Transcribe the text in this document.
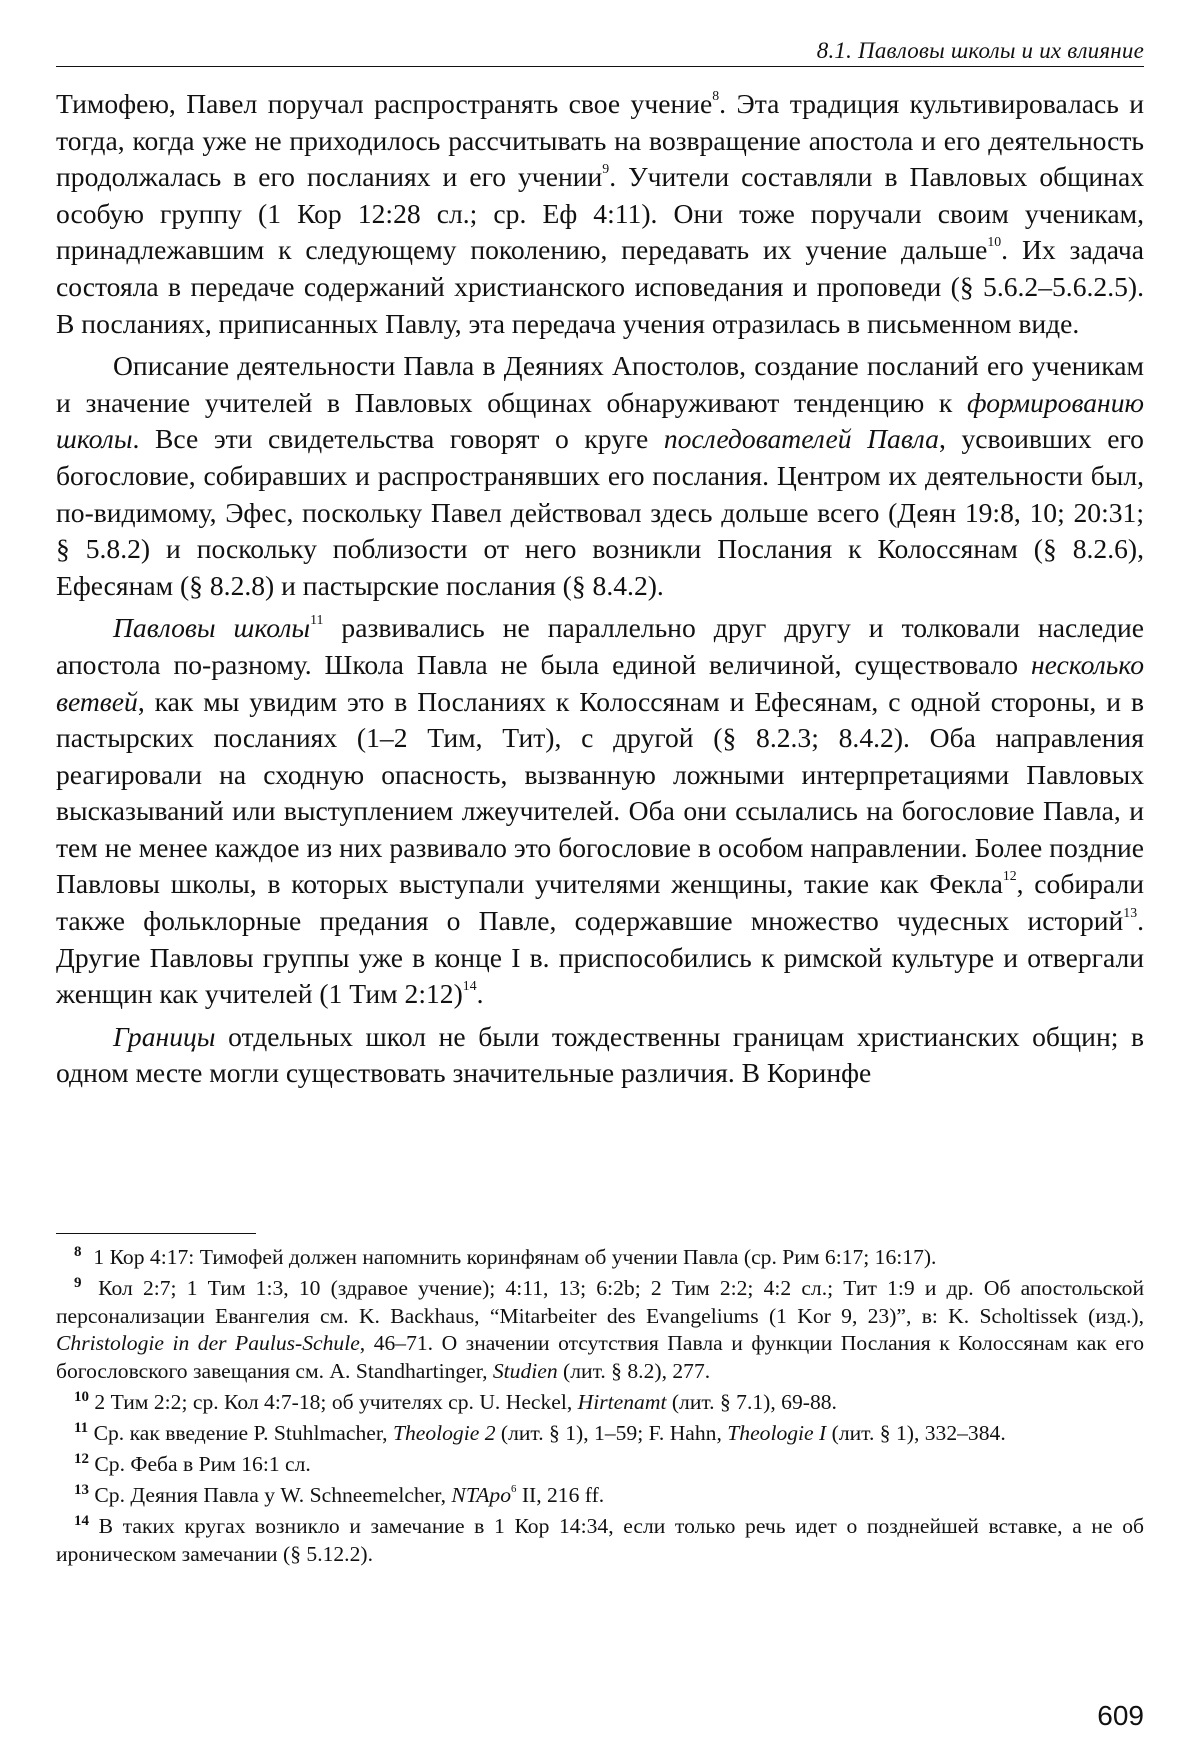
8.1. Павловы школы и их влияние

Тимофею, Павел поручал распространять свое учение$^8$. Эта традиция культивировалась и тогда, когда уже не приходилось рассчитывать на возвращение апостола и его деятельность продолжалась в его посланиях и его учении$^9$. Учители составляли в Павловых общинах особую группу (1 Кор 12:28 сл.; ср. Еф 4:11). Они тоже поручали своим ученикам, принадлежавшим к следующему поколению, передавать их учение дальше$^{10}$. Их задача состояла в передаче содержаний христианского исповедания и проповеди (§ 5.6.2–5.6.2.5). В посланиях, приписанных Павлу, эта передача учения отразилась в письменном виде.

Описание деятельности Павла в Деяниях Апостолов, создание посланий его ученикам и значение учителей в Павловых общинах обнаруживают тенденцию к формированию школы. Все эти свидетельства говорят о круге последователей Павла, усвоивших его богословие, собиравших и распространявших его послания. Центром их деятельности был, по-видимому, Эфес, поскольку Павел действовал здесь дольше всего (Деян 19:8, 10; 20:31; § 5.8.2) и поскольку поблизости от него возникли Послания к Колоссянам (§ 8.2.6), Ефесянам (§ 8.2.8) и пастырские послания (§ 8.4.2).

Павловы школы$^{11}$ развивались не параллельно друг другу и толковали наследие апостола по-разному. Школа Павла не была единой величиной, существовало несколько ветвей, как мы увидим это в Посланиях к Колоссянам и Ефесянам, с одной стороны, и в пастырских посланиях (1–2 Тим, Тит), с другой (§ 8.2.3; 8.4.2). Оба направления реагировали на сходную опасность, вызванную ложными интерпретациями Павловых высказываний или выступлением лжеучителей. Оба они ссылались на богословие Павла, и тем не менее каждое из них развивало это богословие в особом направлении. Более поздние Павловы школы, в которых выступали учителями женщины, такие как Фекла$^{12}$, собирали также фольклорные предания о Павле, содержавшие множество чудесных историй$^{13}$. Другие Павловы группы уже в конце I в. приспособились к римской культуре и отвергали женщин как учителей (1 Тим 2:12)$^{14}$.

Границы отдельных школ не были тождественны границам христианских общин; в одном месте могли существовать значительные различия. В Коринфе

8 1 Кор 4:17: Тимофей должен напомнить коринфянам об учении Павла (ср. Рим 6:17; 16:17).
9 Кол 2:7; 1 Тим 1:3, 10 (здравое учение); 4:11, 13; 6:2b; 2 Тим 2:2; 4:2 сл.; Тит 1:9 и др. Об апостольской персонализации Евангелия см. K. Backhaus, “Mitarbeiter des Evangeliums (1 Kor 9, 23)”, в: K. Scholtissek (изд.), Christologie in der Paulus-Schule, 46–71. О значении отсутствия Павла и функции Послания к Колоссянам как его богословского завещания см. A. Standhartinger, Studien (лит. § 8.2), 277.
10 2 Тим 2:2; ср. Кол 4:7-18; об учителях ср. U. Heckel, Hirtenamt (лит. § 7.1), 69-88.
11 Ср. как введение P. Stuhlmacher, Theologie 2 (лит. § 1), 1–59; F. Hahn, Theologie I (лит. § 1), 332–384.
12 Ср. Феба в Рим 16:1 сл.
13 Ср. Деяния Павла у W. Schneemelcher, NTApo$^6$ II, 216 ff.
14 В таких кругах возникло и замечание в 1 Кор 14:34, если только речь идет о позднейшей вставке, а не об ироническом замечании (§ 5.12.2).
609
